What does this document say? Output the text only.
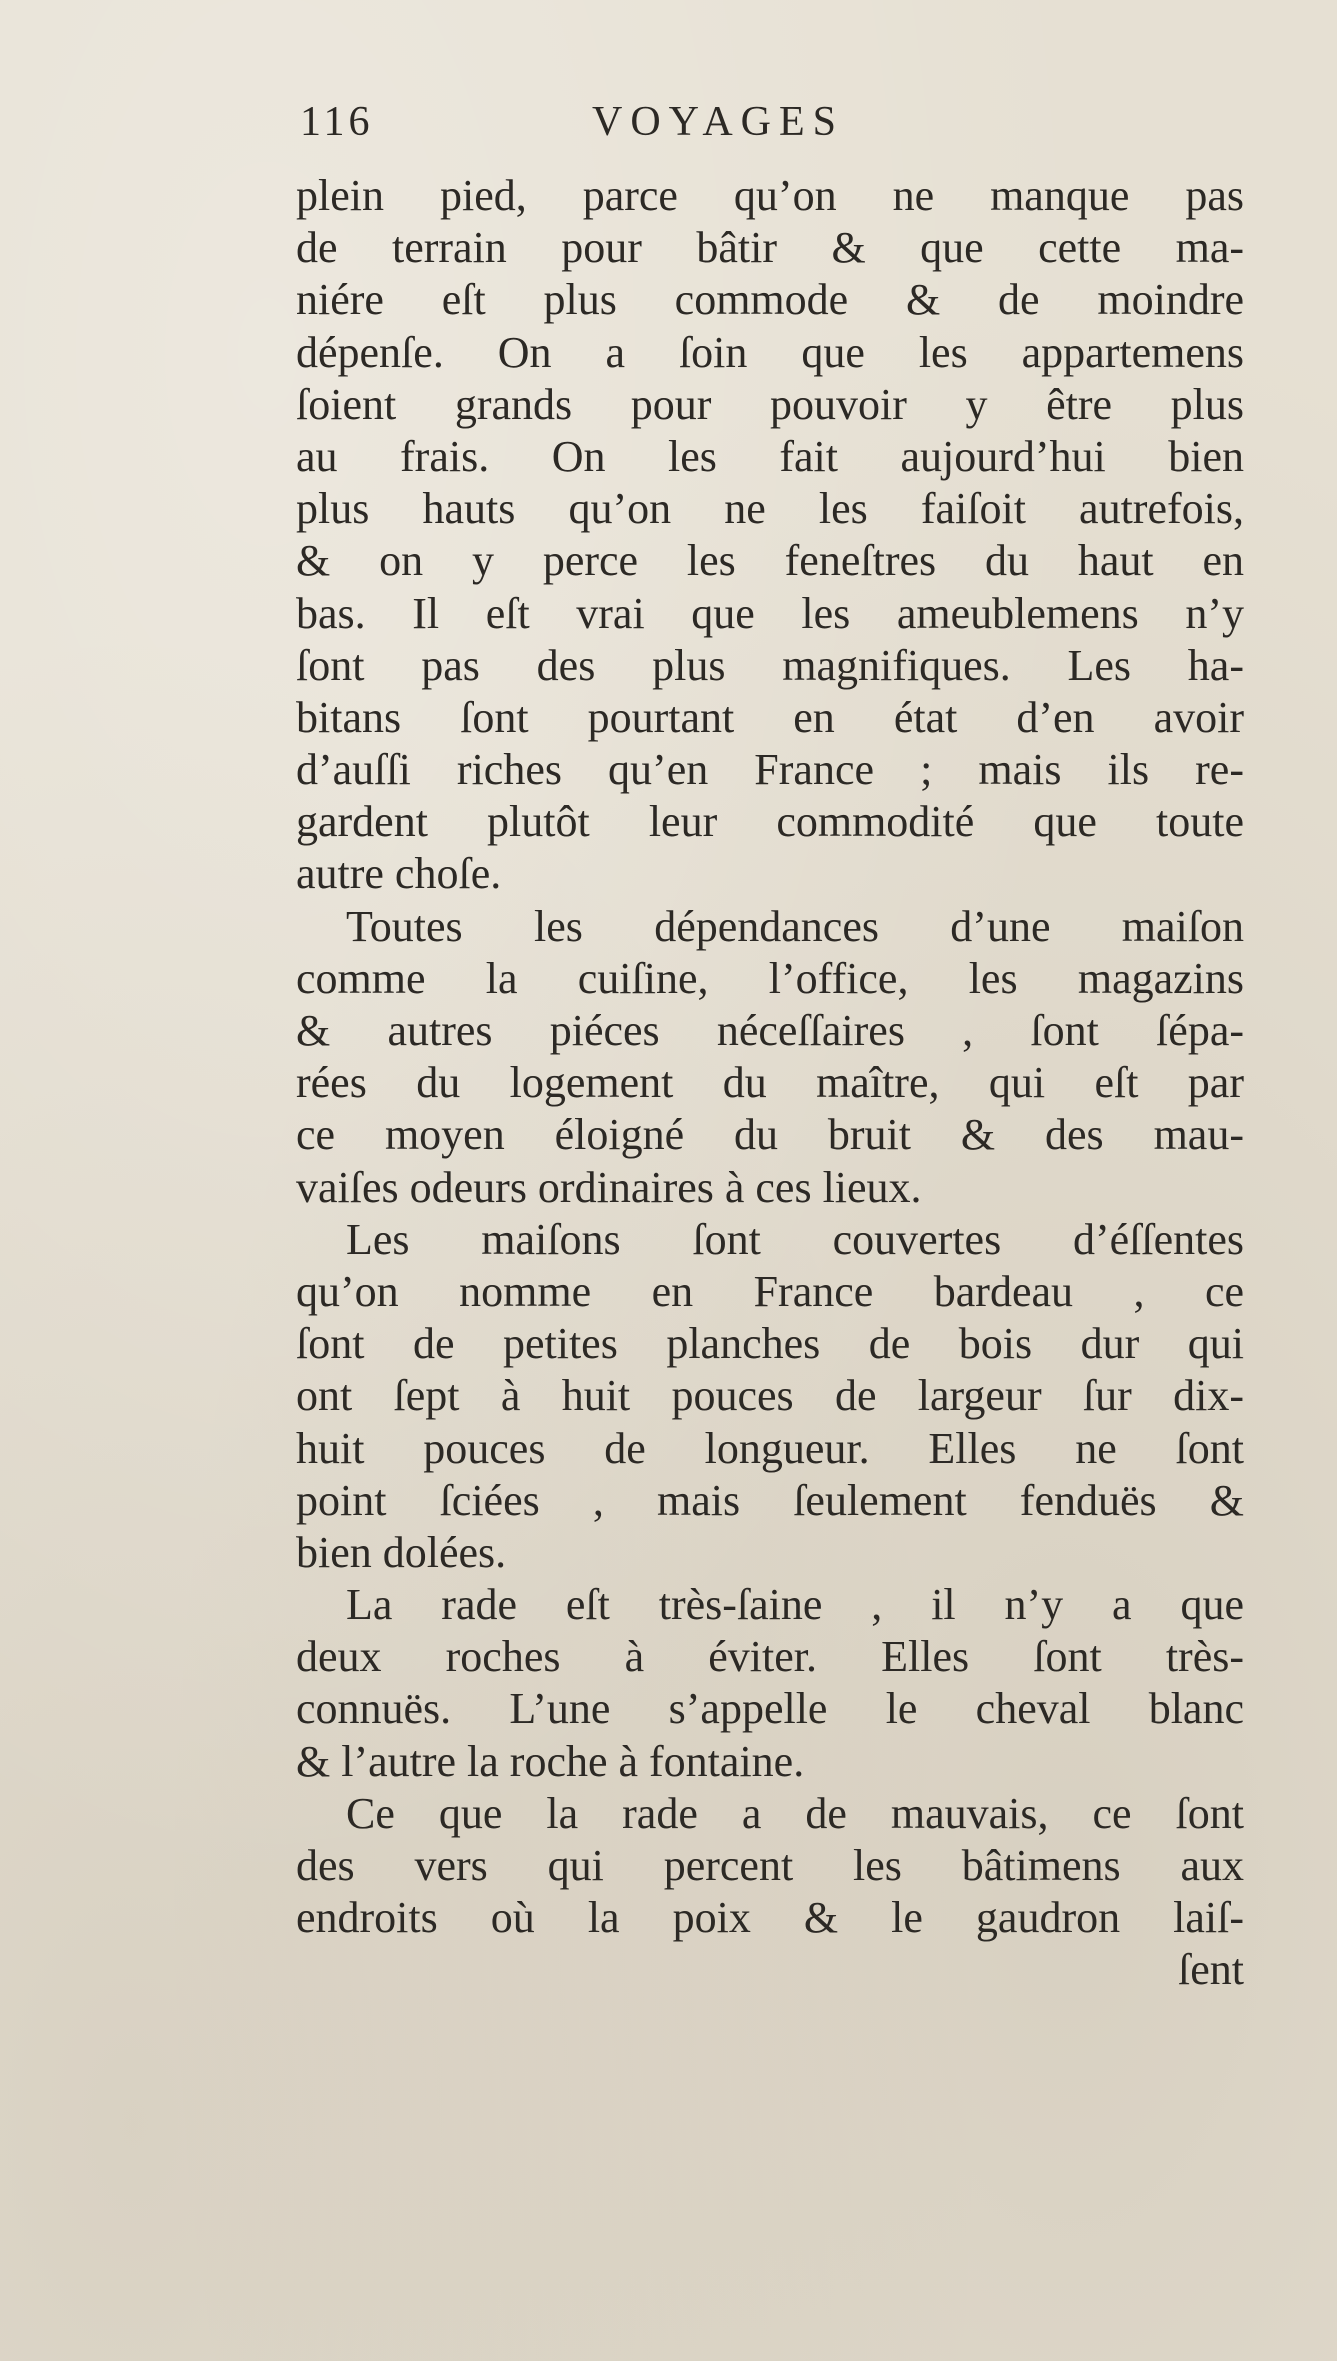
116	VOYAGES
plein pied, parce qu’on ne manque pas
de terrain pour bâtir & que cette ma-
niére eſt plus commode & de moindre
dépenſe. On a ſoin que les appartemens
ſoient grands pour pouvoir y être plus
au frais. On les fait aujourd’hui bien
plus hauts qu’on ne les faiſoit autrefois,
& on y perce les feneſtres du haut en
bas. Il eſt vrai que les ameublemens n’y
ſont pas des plus magnifiques. Les ha-
bitans ſont pourtant en état d’en avoir
d’auſſi riches qu’en France ; mais ils re-
gardent plutôt leur commodité que toute
autre choſe.
Toutes les dépendances d’une maiſon
comme la cuiſine, l’office, les magazins
& autres piéces néceſſaires , ſont ſépa-
rées du logement du maître, qui eſt par
ce moyen éloigné du bruit & des mau-
vaiſes odeurs ordinaires à ces lieux.
Les maiſons ſont couvertes d’éſſentes
qu’on nomme en France bardeau , ce
ſont de petites planches de bois dur qui
ont ſept à huit pouces de largeur ſur dix-
huit pouces de longueur. Elles ne ſont
point ſciées , mais ſeulement fenduës &
bien dolées.
La rade eſt très-ſaine , il n’y a que
deux roches à éviter. Elles ſont très-
connuës. L’une s’appelle le cheval blanc
& l’autre la roche à fontaine.
Ce que la rade a de mauvais, ce ſont
des vers qui percent les bâtimens aux
endroits où la poix & le gaudron laiſ-
ſent
